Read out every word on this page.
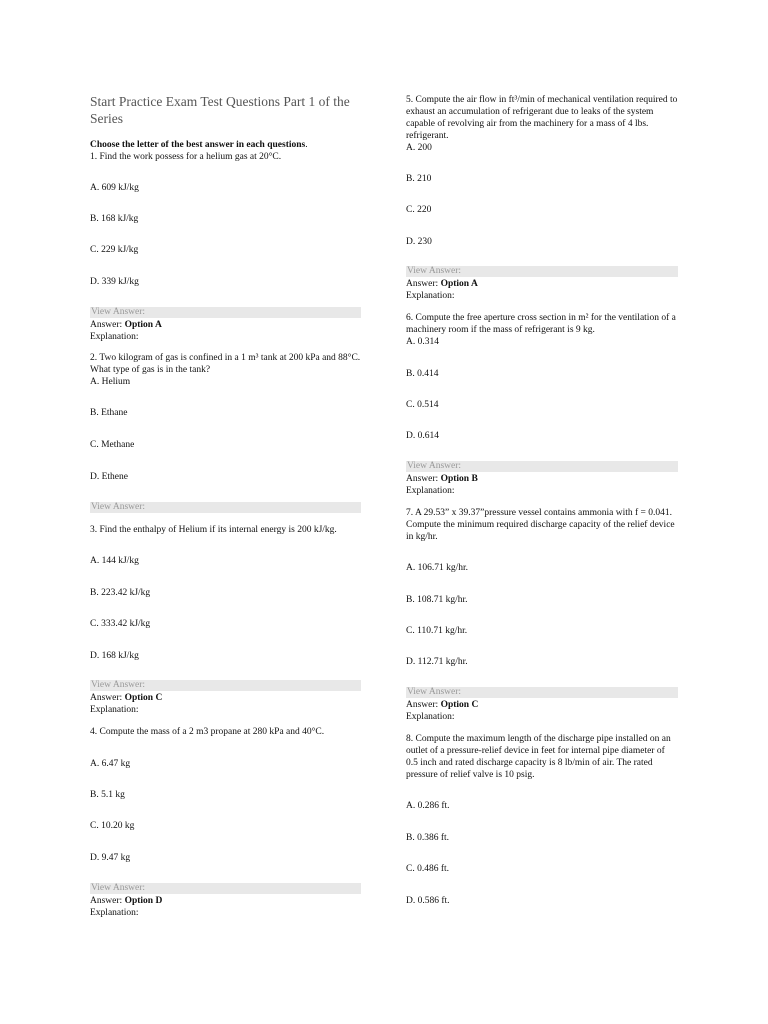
Start Practice Exam Test Questions Part 1 of the Series
Choose the letter of the best answer in each questions.
1. Find the work possess for a helium gas at 20°C.
A. 609 kJ/kg
B. 168 kJ/kg
C. 229 kJ/kg
D. 339 kJ/kg
View Answer:
Answer: Option A
Explanation:
2. Two kilogram of gas is confined in a 1 m³ tank at 200 kPa and 88°C. What type of gas is in the tank?
A. Helium
B. Ethane
C. Methane
D. Ethene
View Answer:
3. Find the enthalpy of Helium if its internal energy is 200 kJ/kg.
A. 144 kJ/kg
B. 223.42 kJ/kg
C. 333.42 kJ/kg
D. 168 kJ/kg
View Answer:
Answer: Option C
Explanation:
4. Compute the mass of a 2 m3 propane at 280 kPa and 40°C.
A. 6.47 kg
B. 5.1 kg
C. 10.20 kg
D. 9.47 kg
View Answer:
Answer: Option D
Explanation:
5. Compute the air flow in ft³/min of mechanical ventilation required to exhaust an accumulation of refrigerant due to leaks of the system capable of revolving air from the machinery for a mass of 4 lbs. refrigerant.
A. 200
B. 210
C. 220
D. 230
View Answer:
Answer: Option A
Explanation:
6. Compute the free aperture cross section in m² for the ventilation of a machinery room if the mass of refrigerant is 9 kg.
A. 0.314
B. 0.414
C. 0.514
D. 0.614
View Answer:
Answer: Option B
Explanation:
7. A 29.53” x 39.37”pressure vessel contains ammonia with f = 0.041. Compute the minimum required discharge capacity of the relief device in kg/hr.
A. 106.71 kg/hr.
B. 108.71 kg/hr.
C. 110.71 kg/hr.
D. 112.71 kg/hr.
View Answer:
Answer: Option C
Explanation:
8. Compute the maximum length of the discharge pipe installed on an outlet of a pressure-relief device in feet for internal pipe diameter of 0.5 inch and rated discharge capacity is 8 lb/min of air. The rated pressure of relief valve is 10 psig.
A. 0.286 ft.
B. 0.386 ft.
C. 0.486 ft.
D. 0.586 ft.
